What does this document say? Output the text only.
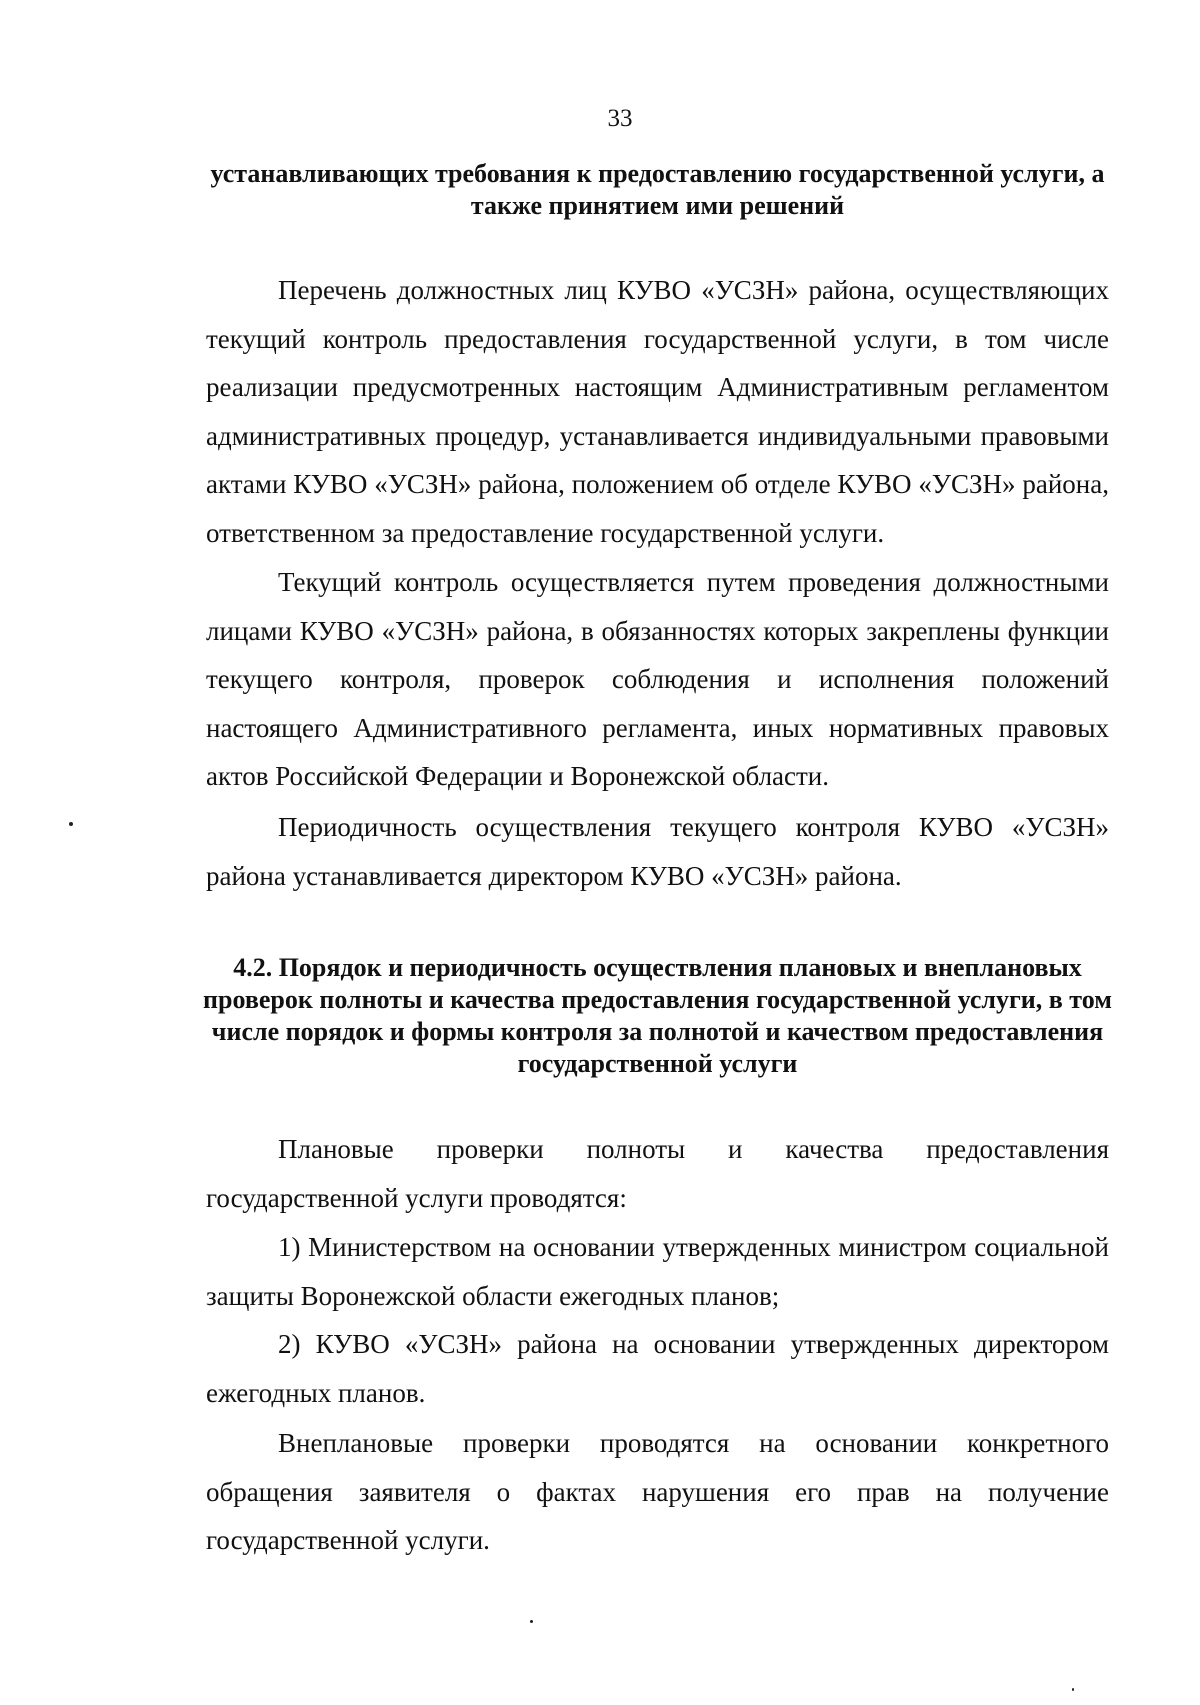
33
устанавливающих требования к предоставлению государственной услуги, а также принятием ими решений

Перечень должностных лиц КУВО «УСЗН» района, осуществляющих текущий контроль предоставления государственной услуги, в том числе реализации предусмотренных настоящим Административным регламентом административных процедур, устанавливается индивидуальными правовыми актами КУВО «УСЗН» района, положением об отделе КУВО «УСЗН» района, ответственном за предоставление государственной услуги.

Текущий контроль осуществляется путем проведения должностными лицами КУВО «УСЗН» района, в обязанностях которых закреплены функции текущего контроля, проверок соблюдения и исполнения положений настоящего Административного регламента, иных нормативных правовых актов Российской Федерации и Воронежской области.

Периодичность осуществления текущего контроля КУВО «УСЗН» района устанавливается директором КУВО «УСЗН» района.

4.2. Порядок и периодичность осуществления плановых и внеплановых проверок полноты и качества предоставления государственной услуги, в том числе порядок и формы контроля за полнотой и качеством предоставления государственной услуги

Плановые проверки полноты и качества предоставления государственной услуги проводятся:

1) Министерством на основании утвержденных министром социальной защиты Воронежской области ежегодных планов;

2) КУВО «УСЗН» района на основании утвержденных директором ежегодных планов.

Внеплановые проверки проводятся на основании конкретного обращения заявителя о фактах нарушения его прав на получение государственной услуги.
